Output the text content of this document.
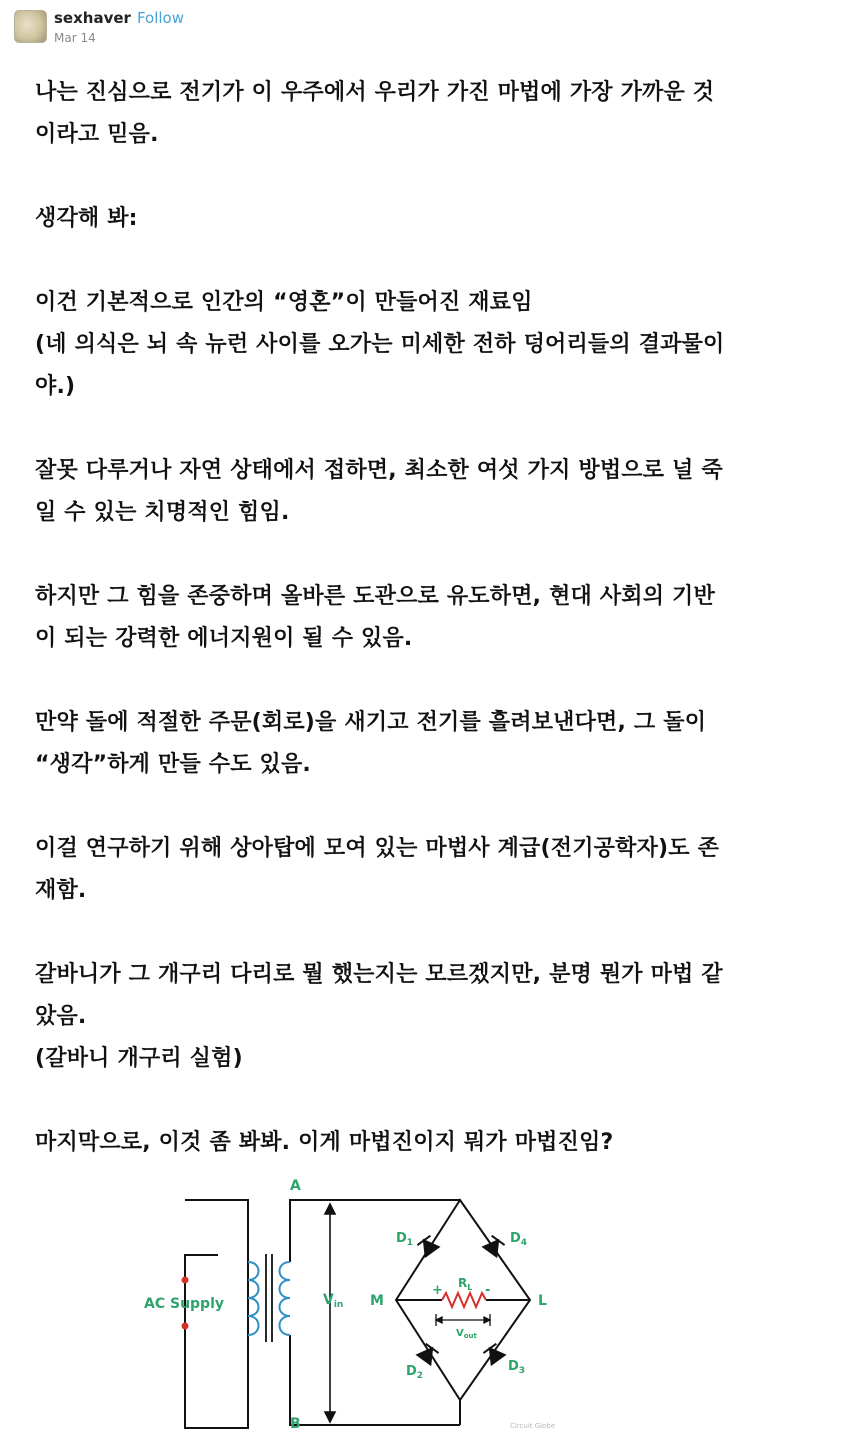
sexhaver Follow
Mar 14

나는 진심으로 전기가 이 우주에서 우리가 가진 마법에 가장 가까운 것
이라고 믿음.

생각해 봐:

이건 기본적으로 인간의 “영혼”이 만들어진 재료임
(네 의식은 뇌 속 뉴런 사이를 오가는 미세한 전하 덩어리들의 결과물이
야.)

잘못 다루거나 자연 상태에서 접하면, 최소한 여섯 가지 방법으로 널 죽
일 수 있는 치명적인 힘임.

하지만 그 힘을 존중하며 올바른 도관으로 유도하면, 현대 사회의 기반
이 되는 강력한 에너지원이 될 수 있음.

만약 돌에 적절한 주문(회로)을 새기고 전기를 흘려보낸다면, 그 돌이
“생각”하게 만들 수도 있음.

이걸 연구하기 위해 상아탑에 모여 있는 마법사 계급(전기공학자)도 존
재함.

갈바니가 그 개구리 다리로 뭘 했는지는 모르겠지만, 분명 뭔가 마법 같
았음.
(갈바니 개구리 실험)

마지막으로, 이것 좀 봐봐. 이게 마법진이지 뭐가 마법진임?

AC Supply
A
B
M	L
$V_{in}$
$D_1$	$D_4$
$D_2$
$D_3$
$R_L$
+	-
$V_{out}$
Circuit Globe
